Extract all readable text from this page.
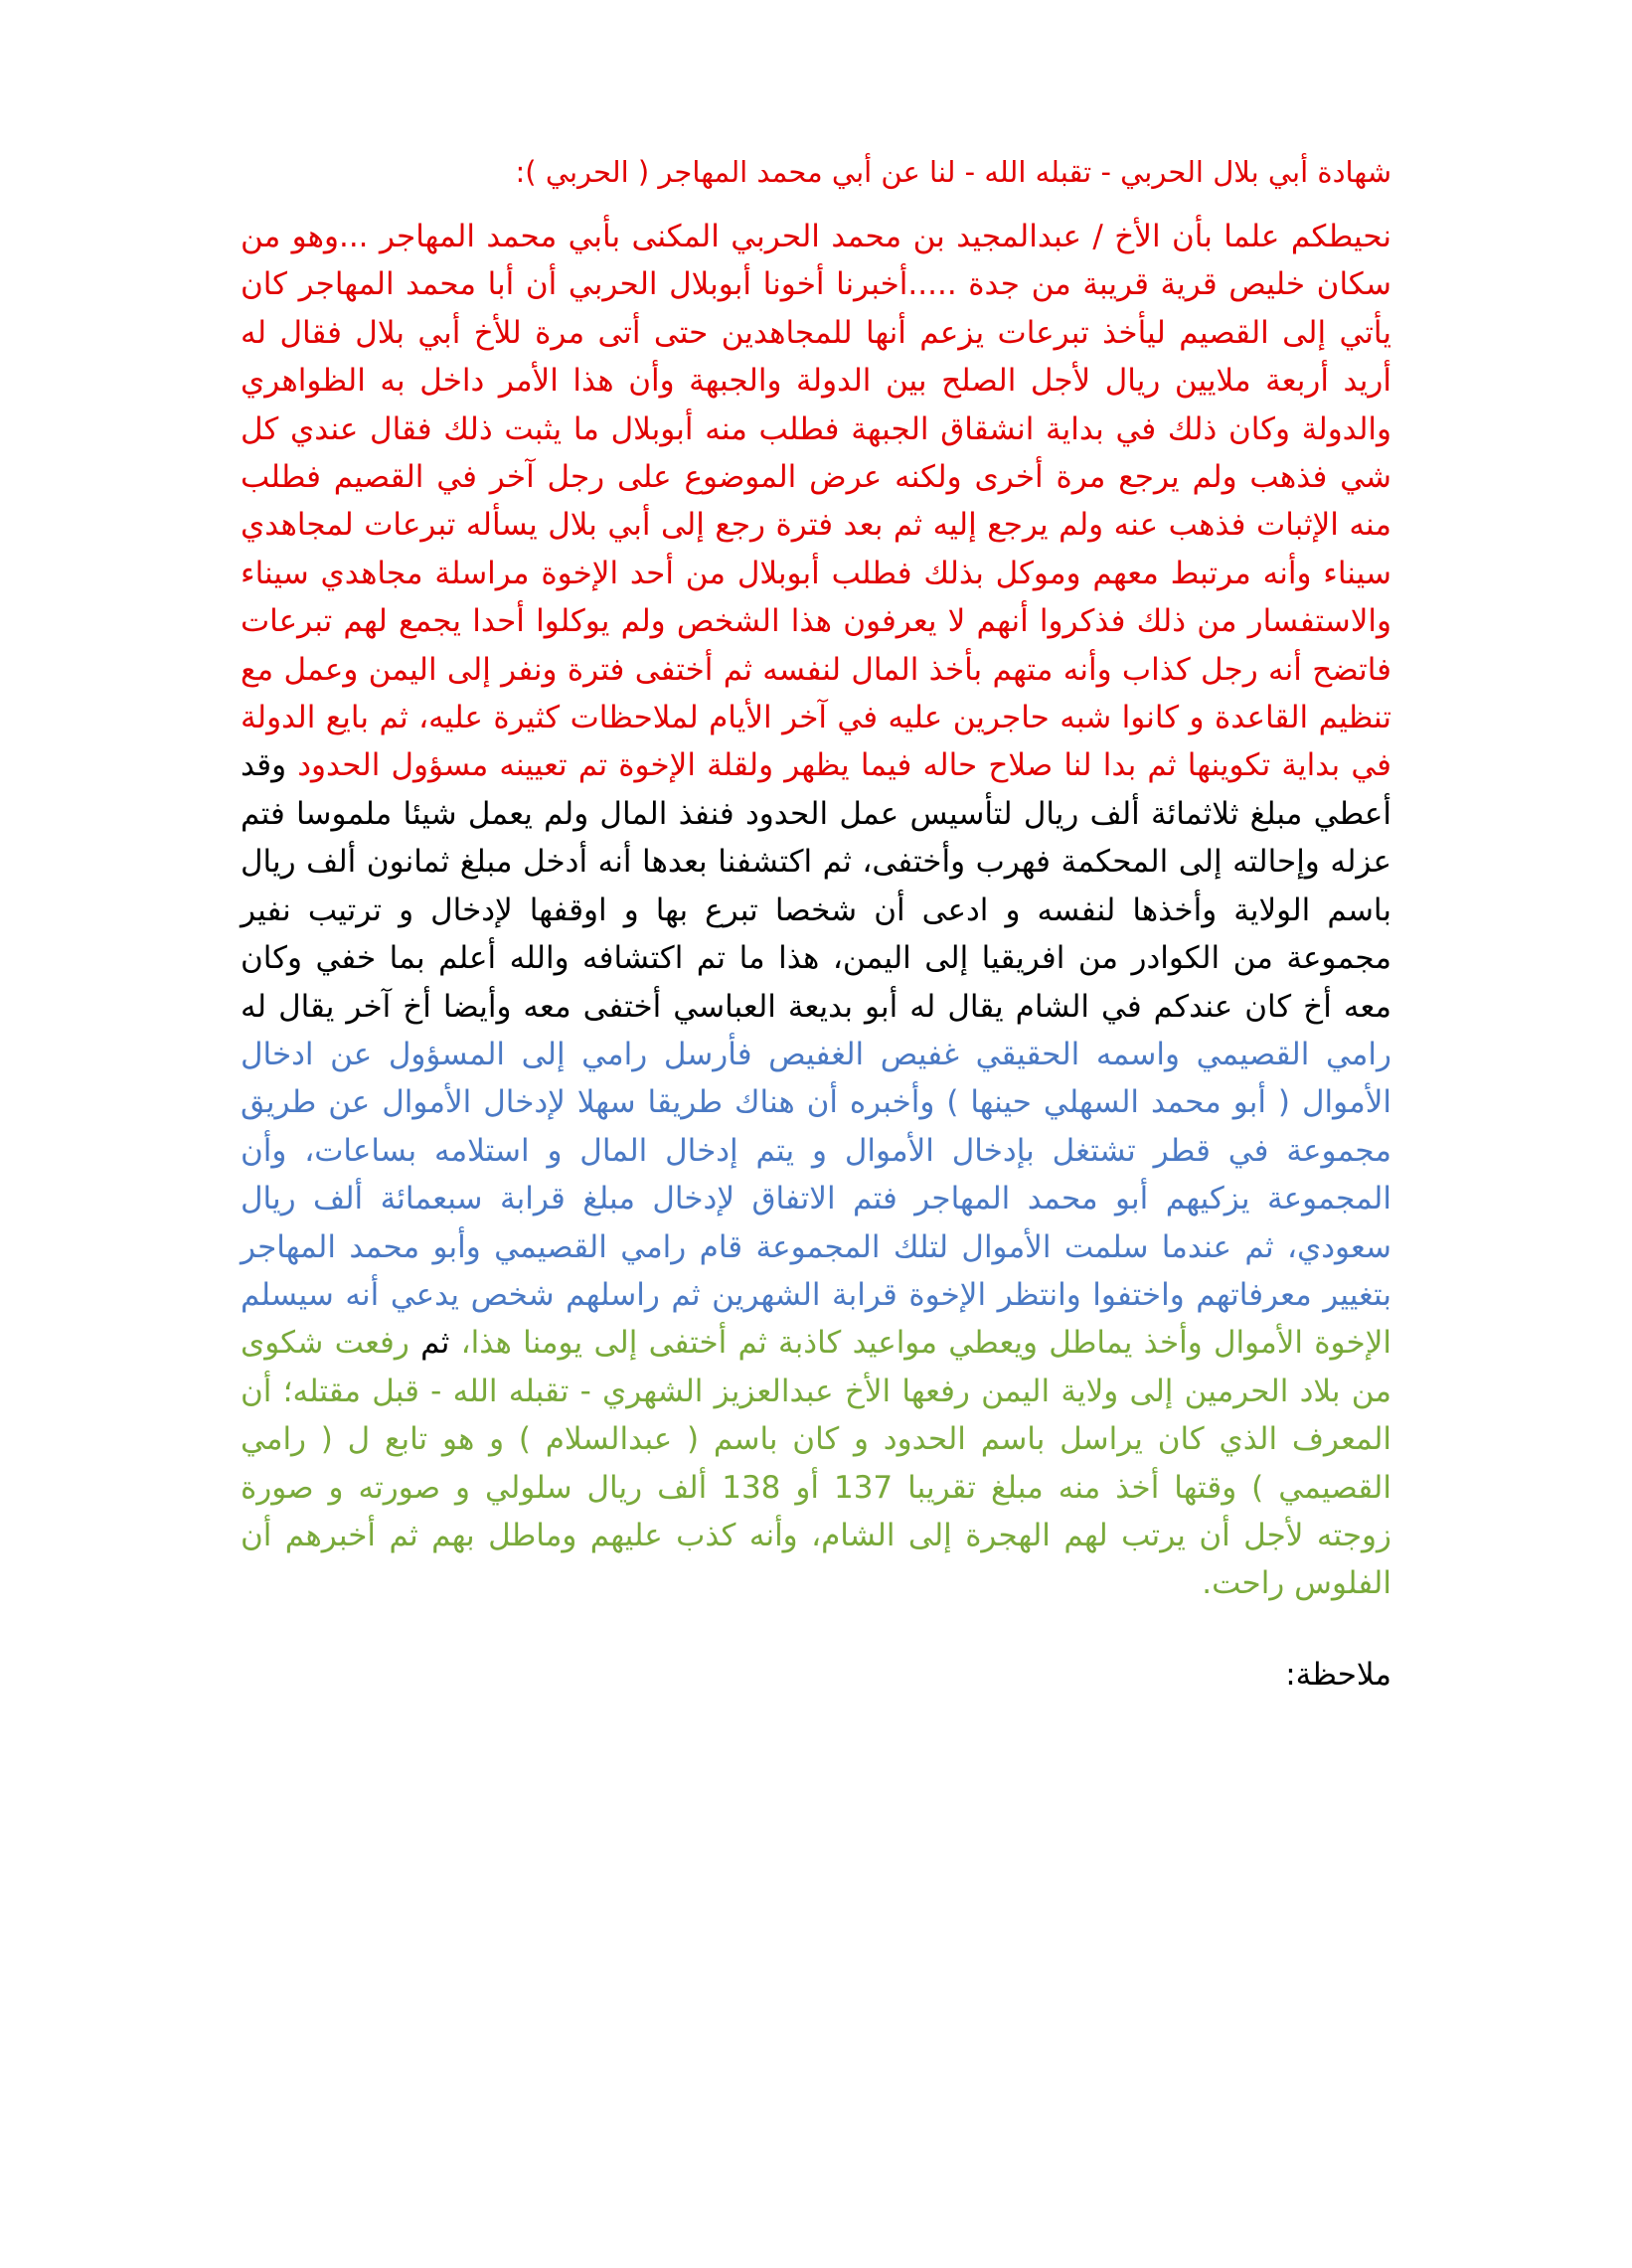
شهادة أبي بلال الحربي - تقبله الله - لنا عن أبي محمد المهاجر ( الحربي ):

نحيطكم علما بأن الأخ / عبدالمجيد بن محمد الحربي المكنى بأبي محمد المهاجر ...وهو من سكان خليص قرية قريبة من جدة .....أخبرنا أخونا أبوبلال الحربي أن أبا محمد المهاجر كان يأتي إلى القصيم ليأخذ تبرعات يزعم أنها للمجاهدين حتى أتى مرة للأخ أبي بلال فقال له أريد أربعة ملايين ريال لأجل الصلح بين الدولة والجبهة وأن هذا الأمر داخل به الظواهري والدولة وكان ذلك في بداية انشقاق الجبهة فطلب منه أبوبلال ما يثبت ذلك فقال عندي كل شي فذهب ولم يرجع مرة أخرى ولكنه عرض الموضوع على رجل آخر في القصيم فطلب منه الإثبات فذهب عنه ولم يرجع إليه ثم بعد فترة رجع إلى أبي بلال يسأله تبرعات لمجاهدي سيناء وأنه مرتبط معهم وموكل بذلك فطلب أبوبلال من أحد الإخوة مراسلة مجاهدي سيناء والاستفسار من ذلك فذكروا أنهم لا يعرفون هذا الشخص ولم يوكلوا أحدا يجمع لهم تبرعات فاتضح أنه رجل كذاب وأنه متهم بأخذ المال لنفسه ثم أختفى فترة ونفر إلى اليمن وعمل مع تنظيم القاعدة و كانوا شبه حاجرين عليه في آخر الأيام لملاحظات كثيرة عليه، ثم بايع الدولة في بداية تكوينها ثم بدا لنا صلاح حاله فيما يظهر ولقلة الإخوة تم تعيينه مسؤول الحدود وقد أعطي مبلغ ثلاثمائة ألف ريال لتأسيس عمل الحدود فنفذ المال ولم يعمل شيئا ملموسا فتم عزله وإحالته إلى المحكمة فهرب وأختفى، ثم اكتشفنا بعدها أنه أدخل مبلغ ثمانون ألف ريال باسم الولاية وأخذها لنفسه و ادعى أن شخصا تبرع بها و اوقفها لإدخال و ترتيب نفير مجموعة من الكوادر من افريقيا إلى اليمن، هذا ما تم اكتشافه والله أعلم بما خفي وكان معه أخ كان عندكم في الشام يقال له أبو بديعة العباسي أختفى معه وأيضا أخ آخر يقال له رامي القصيمي واسمه الحقيقي غفيص الغفيص فأرسل رامي إلى المسؤول عن ادخال الأموال ( أبو محمد السهلي حينها ) وأخبره أن هناك طريقا سهلا لإدخال الأموال عن طريق مجموعة في قطر تشتغل بإدخال الأموال و يتم إدخال المال و استلامه بساعات، وأن المجموعة يزكيهم أبو محمد المهاجر فتم الاتفاق لإدخال مبلغ قرابة سبعمائة ألف ريال سعودي، ثم عندما سلمت الأموال لتلك المجموعة قام رامي القصيمي وأبو محمد المهاجر بتغيير معرفاتهم واختفوا وانتظر الإخوة قرابة الشهرين ثم راسلهم شخص يدعي أنه سيسلم الإخوة الأموال وأخذ يماطل ويعطي مواعيد كاذبة ثم أختفى إلى يومنا هذا، ثم رفعت شكوى من بلاد الحرمين إلى ولاية اليمن رفعها الأخ عبدالعزيز الشهري - تقبله الله - قبل مقتله؛ أن المعرف الذي كان يراسل باسم الحدود و كان باسم ( عبدالسلام ) و هو تابع ل ( رامي القصيمي ) وقتها أخذ منه مبلغ تقريبا 137 أو 138 ألف ريال سلولي و صورته و صورة زوجته لأجل أن يرتب لهم الهجرة إلى الشام، وأنه كذب عليهم وماطل بهم ثم أخبرهم أن الفلوس راحت.

ملاحظة:
